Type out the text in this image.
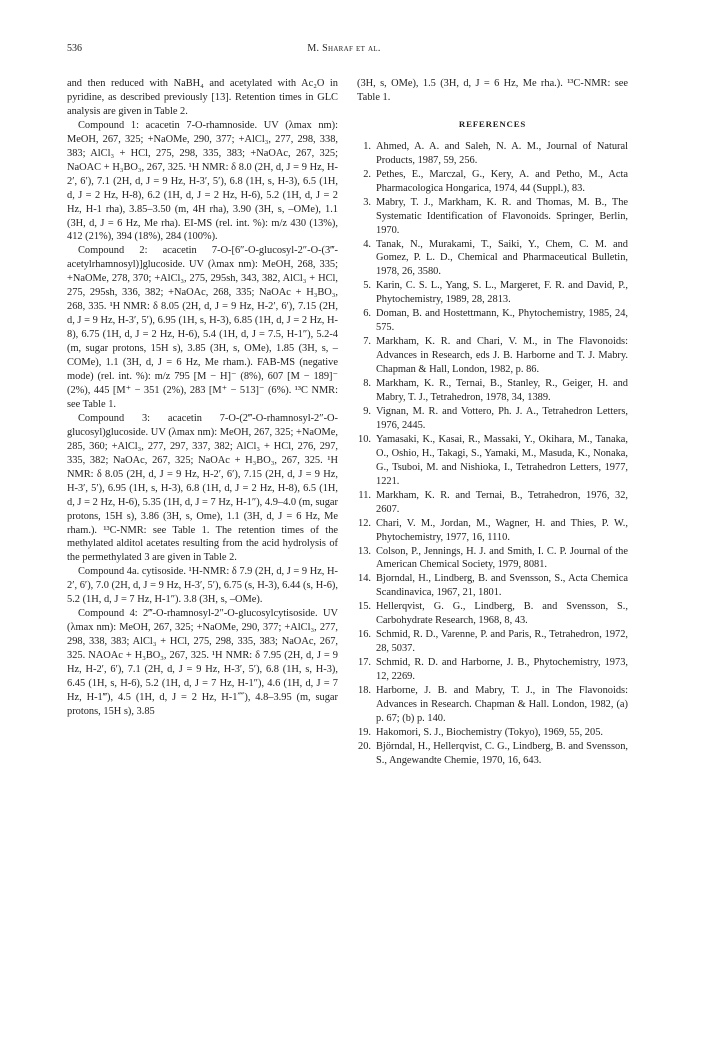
536	M. Sharaf et al.

and then reduced with NaBH₄ and acetylated with Ac₂O in pyridine, as described previously [13]. Retention times in GLC analysis are given in Table 2.

Compound 1: acacetin 7-O-rhamnoside. UV (λmax nm): MeOH, 267, 325; +NaOMe, 290, 377; +AlCl₃, 277, 298, 338, 383; AlCl₃ + HCl, 275, 298, 335, 383; +NaOAc, 267, 325; NaOAC + H₃BO₃, 267, 325. ¹H NMR: δ 8.0 (2H, d, J = 9 Hz, H-2′, 6′), 7.1 (2H, d, J = 9 Hz, H-3′, 5′), 6.8 (1H, s, H-3), 6.5 (1H, d, J = 2 Hz, H-8), 6.2 (1H, d, J = 2 Hz, H-6), 5.2 (1H, d, J = 2 Hz, H-1 rha), 3.85–3.50 (m, 4H rha), 3.90 (3H, s, –OMe), 1.1 (3H, d, J = 6 Hz, Me rha). EI-MS (rel. int. %): m/z 430 (13%), 412 (21%), 394 (18%), 284 (100%).

Compound 2: acacetin 7-O-[6″-O-glucosyl-2″-O-(3‴-acetylrhamnosyl)]glucoside. UV (λmax nm): MeOH, 268, 335; +NaOMe, 278, 370; +AlCl₃, 275, 295sh, 343, 382, AlCl₃ + HCl, 275, 295sh, 336, 382; +NaOAc, 268, 335; NaOAc + H₃BO₃, 268, 335. ¹H NMR: δ 8.05 (2H, d, J = 9 Hz, H-2′, 6′), 7.15 (2H, d, J = 9 Hz, H-3′, 5′), 6.95 (1H, s, H-3), 6.85 (1H, d, J = 2 Hz, H-8), 6.75 (1H, d, J = 2 Hz, H-6), 5.4 (1H, d, J = 7.5, H-1″), 5.2-4 (m, sugar protons, 15H s), 3.85 (3H, s, OMe), 1.85 (3H, s, –COMe), 1.1 (3H, d, J = 6 Hz, Me rham.). FAB-MS (negative mode) (rel. int. %): m/z 795 [M − H]⁻ (8%), 607 [M − 189]⁻ (2%), 445 [M⁺ − 351 (2%), 283 [M⁺ − 513]⁻ (6%). ¹³C NMR: see Table 1.

Compound 3: acacetin 7-O-(2‴-O-rhamnosyl-2″-O-glucosyl)glucoside. UV (λmax nm): MeOH, 267, 325; +NaOMe, 285, 360; +AlCl₃, 277, 297, 337, 382; AlCl₃ + HCl, 276, 297, 335, 382; NaOAc, 267, 325; NaOAc + H₃BO₃, 267, 325. ¹H NMR: δ 8.05 (2H, d, J = 9 Hz, H-2′, 6′), 7.15 (2H, d, J = 9 Hz, H-3′, 5′), 6.95 (1H, s, H-3), 6.8 (1H, d, J = 2 Hz, H-8), 6.5 (1H, d, J = 2 Hz, H-6), 5.35 (1H, d, J = 7 Hz, H-1″), 4.9–4.0 (m, sugar protons, 15H s), 3.86 (3H, s, Ome), 1.1 (3H, d, J = 6 Hz, Me rham.). ¹³C-NMR: see Table 1. The retention times of the methylated alditol acetates resulting from the acid hydrolysis of the permethylated 3 are given in Table 2.

Compound 4a. cytisoside. ¹H-NMR: δ 7.9 (2H, d, J = 9 Hz, H-2′, 6′), 7.0 (2H, d, J = 9 Hz, H-3′, 5′), 6.75 (s, H-3), 6.44 (s, H-6), 5.2 (1H, d, J = 7 Hz, H-1″). 3.8 (3H, s, –OMe).

Compound 4: 2‴-O-rhamnosyl-2″-O-glucosylcytisoside. UV (λmax nm): MeOH, 267, 325; +NaOMe, 290, 377; +AlCl₃, 277, 298, 338, 383; AlCl₃ + HCl, 275, 298, 335, 383; NaOAc, 267, 325. NAOAc + H₃BO₃, 267, 325. ¹H NMR: δ 7.95 (2H, d, J = 9 Hz, H-2′, 6′), 7.1 (2H, d, J = 9 Hz, H-3′, 5′), 6.8 (1H, s, H-3), 6.45 (1H, s, H-6), 5.2 (1H, d, J = 7 Hz, H-1″), 4.6 (1H, d, J = 7 Hz, H-1‴), 4.5 (1H, d, J = 2 Hz, H-1⁗), 4.8–3.95 (m, sugar protons, 15H s), 3.85

(3H, s, OMe), 1.5 (3H, d, J = 6 Hz, Me rha.). ¹³C-NMR: see Table 1.

REFERENCES
1. Ahmed, A. A. and Saleh, N. A. M., Journal of Natural Products, 1987, 59, 256.
2. Pethes, E., Marczal, G., Kery, A. and Petho, M., Acta Pharmacologica Hongarica, 1974, 44 (Suppl.), 83.
3. Mabry, T. J., Markham, K. R. and Thomas, M. B., The Systematic Identification of Flavonoids. Springer, Berlin, 1970.
4. Tanak, N., Murakami, T., Saiki, Y., Chem, C. M. and Gomez, P. L. D., Chemical and Pharmaceutical Bulletin, 1978, 26, 3580.
5. Karin, C. S. L., Yang, S. L., Margeret, F. R. and David, P., Phytochemistry, 1989, 28, 2813.
6. Doman, B. and Hostettmann, K., Phytochemistry, 1985, 24, 575.
7. Markham, K. R. and Chari, V. M., in The Flavonoids: Advances in Research, eds J. B. Harborne and T. J. Mabry. Chapman & Hall, London, 1982, p. 86.
8. Markham, K. R., Ternai, B., Stanley, R., Geiger, H. and Mabry, T. J., Tetrahedron, 1978, 34, 1389.
9. Vignan, M. R. and Vottero, Ph. J. A., Tetrahedron Letters, 1976, 2445.
10. Yamasaki, K., Kasai, R., Massaki, Y., Okihara, M., Tanaka, O., Oshio, H., Takagi, S., Yamaki, M., Masuda, K., Nonaka, G., Tsuboi, M. and Nishioka, I., Tetrahedron Letters, 1977, 1221.
11. Markham, K. R. and Ternai, B., Tetrahedron, 1976, 32, 2607.
12. Chari, V. M., Jordan, M., Wagner, H. and Thies, P. W., Phytochemistry, 1977, 16, 1110.
13. Colson, P., Jennings, H. J. and Smith, I. C. P. Journal of the American Chemical Society, 1979, 8081.
14. Bjorndal, H., Lindberg, B. and Svensson, S., Acta Chemica Scandinavica, 1967, 21, 1801.
15. Hellerqvist, G. G., Lindberg, B. and Svensson, S., Carbohydrate Research, 1968, 8, 43.
16. Schmid, R. D., Varenne, P. and Paris, R., Tetrahedron, 1972, 28, 5037.
17. Schmid, R. D. and Harborne, J. B., Phytochemistry, 1973, 12, 2269.
18. Harborne, J. B. and Mabry, T. J., in The Flavonoids: Advances in Research. Chapman & Hall. London, 1982, (a) p. 67; (b) p. 140.
19. Hakomori, S. J., Biochemistry (Tokyo), 1969, 55, 205.
20. Björndal, H., Hellerqvist, C. G., Lindberg, B. and Svensson, S., Angewandte Chemie, 1970, 16, 643.
